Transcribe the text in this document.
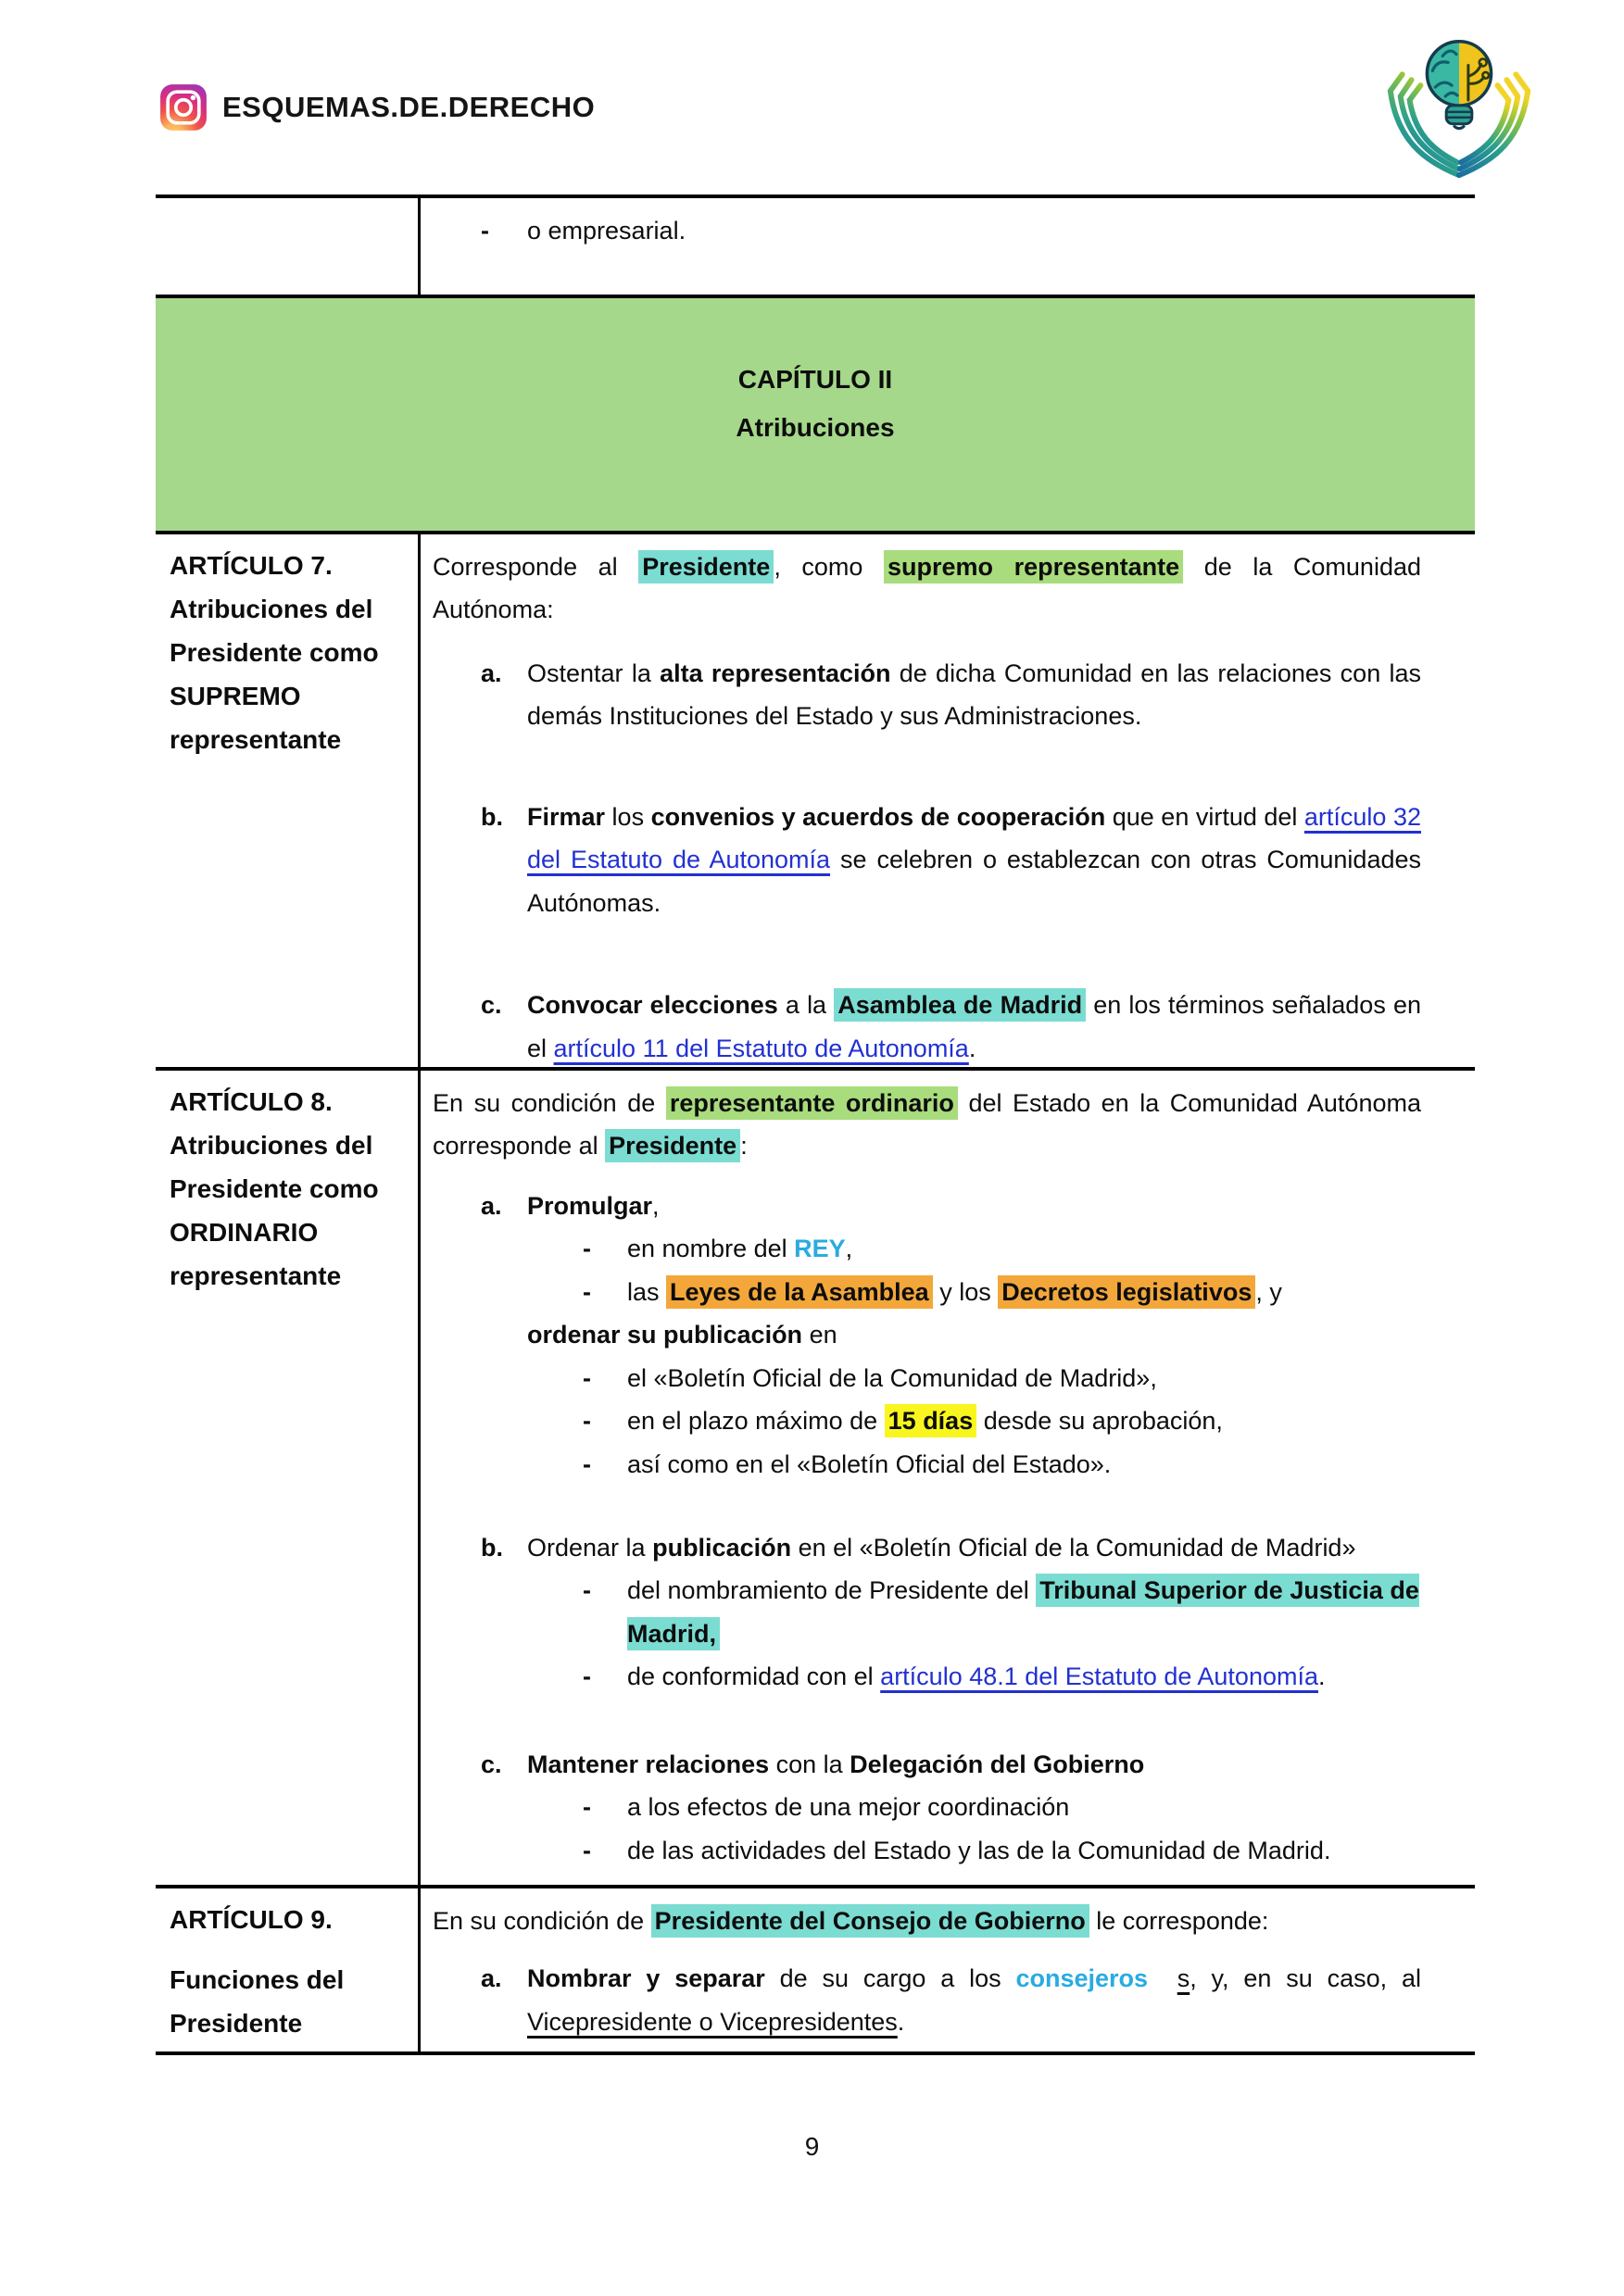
ESQUEMAS.DE.DERECHO
- o empresarial.
CAPÍTULO II
Atribuciones
ARTÍCULO 7.
Atribuciones del
Presidente como
SUPREMO
representante
Corresponde al Presidente , como supremo representante de la Comunidad Autónoma:
a. Ostentar la alta representación de dicha Comunidad en las relaciones con las demás Instituciones del Estado y sus Administraciones.
b. Firmar los convenios y acuerdos de cooperación que en virtud del artículo 32 del Estatuto de Autonomía se celebren o establezcan con otras Comunidades Autónomas.
c. Convocar elecciones a la Asamblea de Madrid en los términos señalados en el artículo 11 del Estatuto de Autonomía.
ARTÍCULO 8.
Atribuciones del
Presidente como
ORDINARIO
representante
En su condición de representante ordinario del Estado en la Comunidad Autónoma corresponde al Presidente :
a. Promulgar,
- en nombre del REY,
- las Leyes de la Asamblea y los Decretos legislativos , y
ordenar su publicación en
- el «Boletín Oficial de la Comunidad de Madrid»,
- en el plazo máximo de 15 días desde su aprobación,
- así como en el «Boletín Oficial del Estado».
b. Ordenar la publicación en el «Boletín Oficial de la Comunidad de Madrid»
- del nombramiento de Presidente del Tribunal Superior de Justicia de Madrid,
- de conformidad con el artículo 48.1 del Estatuto de Autonomía.
c. Mantener relaciones con la Delegación del Gobierno
- a los efectos de una mejor coordinación
- de las actividades del Estado y las de la Comunidad de Madrid.
ARTÍCULO 9.
Funciones del
Presidente
En su condición de Presidente del Consejo de Gobierno le corresponde:
a. Nombrar y separar de su cargo a los consejeros s, y, en su caso, al Vicepresidente o Vicepresidentes.
9
